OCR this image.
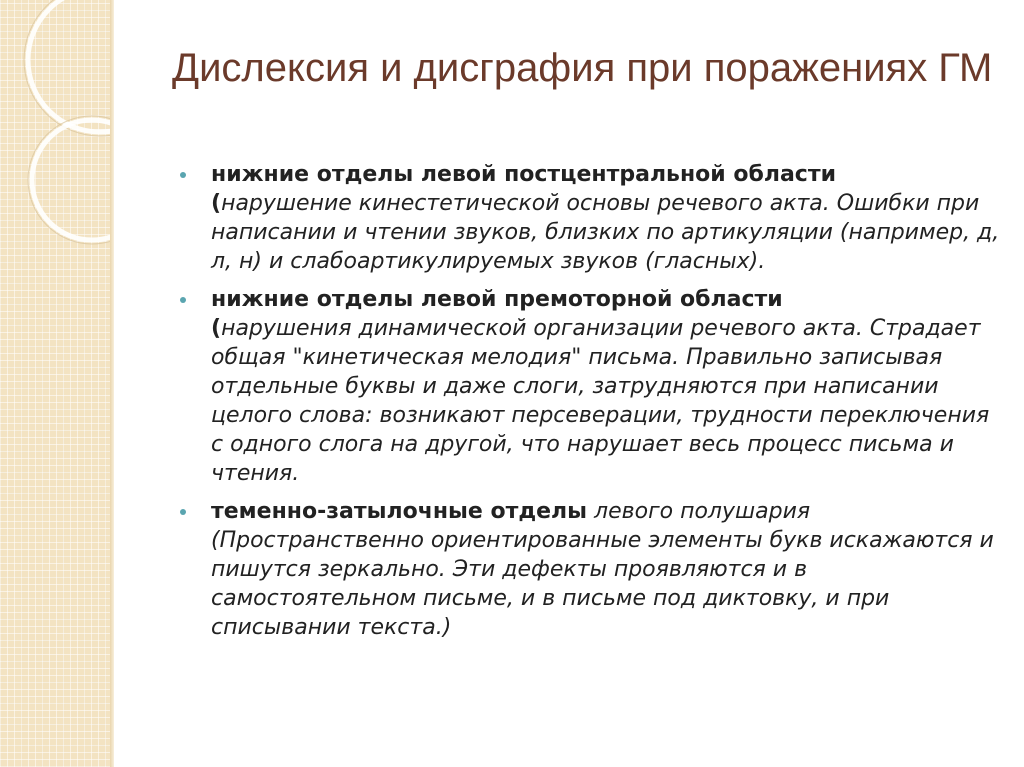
Дислексия и дисграфия при поражениях ГМ
нижние отделы левой постцентральной области
(нарушение кинестетической основы речевого акта. Ошибки при написании и чтении звуков, близких по артикуляции (например, д, л, н) и слабоартикулируемых звуков (гласных).
нижние отделы левой премоторной области
(нарушения динамической организации речевого акта. Страдает общая "кинетическая мелодия" письма. Правильно записывая отдельные буквы и даже слоги, затрудняются при написании целого слова: возникают персеверации, трудности переключения с одного слога на другой, что нарушает весь процесс письма и чтения.
теменно-затылочные отделы левого полушария (Пространственно ориентированные элементы букв искажаются и пишутся зеркально. Эти дефекты проявляются и в самостоятельном письме, и в письме под диктовку, и при списывании текста.)
